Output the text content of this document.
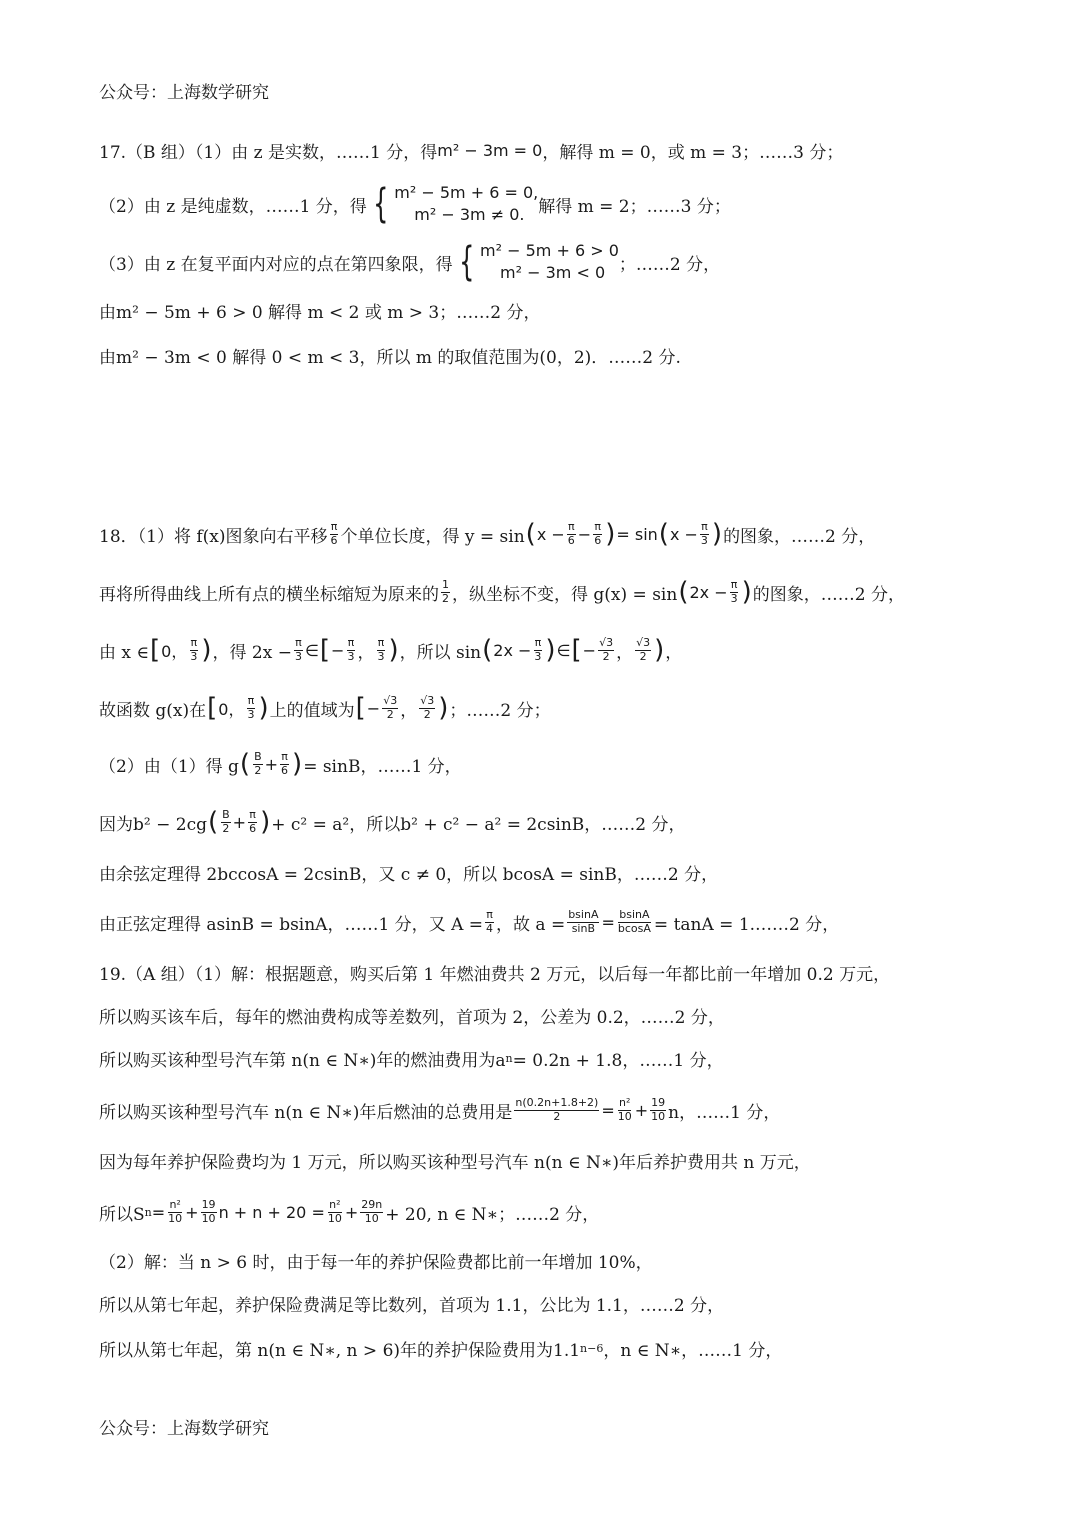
公众号：上海数学研究
17.（B 组）（1）由 z 是实数，……1 分，得 m² − 3m = 0 ，解得 m = 0，或 m = 3；……3 分；
（2）由 z 是纯虚数，……1 分，得 { m² − 5m + 6 = 0,
m² − 3m ≠ 0. 解得 m = 2；……3 分；
（3）由 z 在复平面内对应的点在第四象限，得 { m² − 5m + 6 > 0
m² − 3m < 0 ；……2 分，
由m² − 5m + 6 > 0 解得 m < 2 或 m > 3；……2 分，
由m² − 3m < 0 解得 0 < m < 3，所以 m 的取值范围为(0，2)．……2 分.
18．（1）将 f(x)图象向右平移 $\frac{\pi}{6}$ 个单位长度，得 y = sin ( $x - \frac{\pi}{6} - \frac{\pi}{6}$ ) = sin ( $x - \frac{\pi}{3}$ ) 的图象，……2 分，
再将所得曲线上所有点的横坐标缩短为原来的 $\frac{1}{2}$ ，纵坐标不变，得 g(x) = sin ( $2x - \frac{\pi}{3}$ ) 的图象，……2 分，
由 x ∈ [ 0， $\frac{\pi}{3}$ ) ，得 $2x - \frac{\pi}{3}$ ∈ [ − $\frac{\pi}{3}$ ， $\frac{\pi}{3}$ ) ，所以 sin ( $2x - \frac{\pi}{3}$ ) ∈ [ − $\frac{√3}{2}$ ， $\frac{√3}{2}$ ) ，
故函数 g(x)在 [ 0， $\frac{\pi}{3}$ ) 上的值域为 [ − $\frac{√3}{2}$ ， $\frac{√3}{2}$ ) ；……2 分；
（2）由（1）得 g ( $\frac{B}{2} + \frac{\pi}{6}$ ) = sinB，……1 分，
因为b² − 2cg ( $\frac{B}{2} + \frac{\pi}{6}$ ) + c² = a²，所以b² + c² − a² = 2csinB，……2 分，
由余弦定理得 2bccosA = 2csinB，又 c ≠ 0，所以 bcosA = sinB，……2 分，
由正弦定理得 asinB = bsinA，……1 分，又 $A = \frac{\pi}{4}$ ，故 $a = \frac{bsinA}{\sin B} = \frac{bsinA}{bcosA} = \tan A$ = 1.……2 分，
19.（A 组）（1）解：根据题意，购买后第 1 年燃油费共 2 万元，以后每一年都比前一年增加 0.2 万元，
所以购买该车后，每年的燃油费构成等差数列，首项为 2，公差为 0.2，……2 分，
所以购买该种型号汽车第 n(n ∈ N∗)年的燃油费用为a n = 0.2n + 1.8，……1 分，
所以购买该种型号汽车 n(n ∈ N∗)年后燃油的总费用是 $\frac{n(0.2n+1.8+2)}{2} = \frac{\text{n²}}{10} + \frac{19}{10}$ n，……1 分，
因为每年养护保险费均为 1 万元，所以购买该种型号汽车 n(n ∈ N∗)年后养护费用共 n 万元，
所以S $n = \frac{\text{n²}}{10} + \frac{19}{10}$ $n + n + 20 = \frac{\text{n²}}{10} + \frac{29n}{10} + 20$, n ∈ N∗；……2 分，
（2）解：当 n > 6 时，由于每一年的养护保险费都比前一年增加 10%，
所以从第七年起，养护保险费满足等比数列，首项为 1.1，公比为 1.1，……2 分，
所以从第七年起，第 n(n ∈ N∗, n > 6)年的养护保险费用为1.1 n−6 ，n ∈ N∗，……1 分，
公众号：上海数学研究
